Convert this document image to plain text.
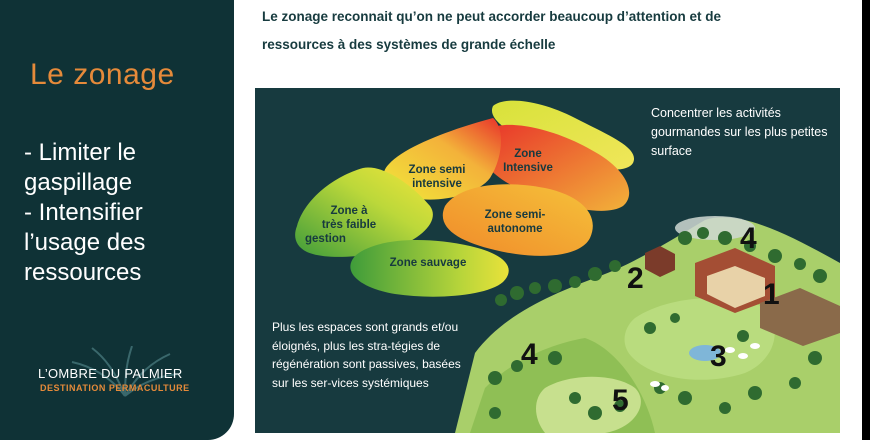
Le zonage
- Limiter le
gaspillage
- Intensifier
l’usage des
ressources
L’OMBRE DU PALMIER
DESTINATION PERMACULTURE
Le zonage reconnait qu’on ne peut accorder beaucoup d’attention et de
ressources à des systèmes de grande échelle
Concentrer les activités gourmandes sur les plus petites surface
Plus les espaces sont grands et/ou éloignés, plus les stra-tégies de régénération sont passives, basées sur les ser-vices systémiques
Zone
Intensive
Zone semi
intensive
Zone à
très faible
gestion
Zone semi-
autonome
Zone sauvage	2
4
1
4	3
5
